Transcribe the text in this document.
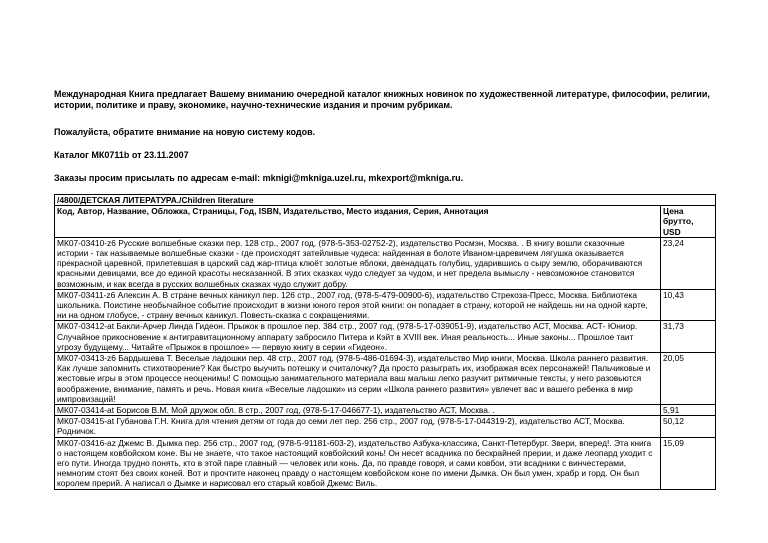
Международная Книга предлагает Вашему вниманию очередной каталог книжных новинок по художественной литературе, философии, религии, истории, политике и праву, экономике, научно-технические издания и прочим рубрикам.

Пожалуйста, обратите внимание на новую систему кодов.

Каталог МК0711b от 23.11.2007

Заказы просим присылать по адресам e-mail: mknigi@mkniga.uzel.ru, mkexport@mkniga.ru.

/4800/ДЕТСКАЯ ЛИТЕРАТУРА./Children literature	
Код, Автор, Название, Обложка, Страницы, Год, ISBN, Издательство, Место издания, Серия, Аннотация	Цена брутто, USD
МК07-03410-z6 Русские волшебные сказки пер. 128 стр., 2007 год, (978-5-353-02752-2), издательство Росмэн, Москва. . В книгу вошли сказочные истории - так называемые волшебные сказки - где происходят затейливые чудеса: найденная в болоте Иваном-царевичем лягушка оказывается прекрасной царевной, прилетевшая в царский сад жар-птица клюёт золотые яблоки, двенадцать голубиц, ударившись о сыру землю, оборачиваются красными девицами, все до единой красоты несказанной. В этих сказках чудо следует за чудом, и нет предела вымыслу - невозможное становится возможным, и как всегда в русских волшебных сказках чудо служит добру.	23,24
МК07-03411-z6 Алексин А. В стране вечных каникул пер. 126 стр., 2007 год, (978-5-479-00900-6), издательство Стрекоза-Пресс, Москва. Библиотека школьника. Поистине необычайное событие происходит в жизни юного героя этой книги: он попадает в страну, которой не найдешь ни на одной карте, ни на одном глобусе, - страну вечных каникул. Повесть-сказка с сокращениями.	10,43
МК07-03412-at Бакли-Арчер Линда Гидеон. Прыжок в прошлое пер. 384 стр., 2007 год, (978-5-17-039051-9), издательство АСТ, Москва. АСТ- Юниор. Случайное прикосновение к антигравитационному аппарату забросило Питера и Кэйт в XVIII век. Иная реальность... Иные законы... Прошлое таит угрозу будущему... Читайте «Прыжок в прошлое» — первую книгу в серии «Гидеон».	31,73
МК07-03413-z6 Бардышева Т. Веселые ладошки пер. 48 стр., 2007 год, (978-5-486-01694-3), издательство Мир книги, Москва. Школа раннего развития. Как лучше запомнить стихотворение? Как быстро выучить потешку и считалочку? Да просто разыграть их, изображая всех персонажей! Пальчиковые и жестовые игры в этом процессе неоценимы! С помощью занимательного материала ваш малыш легко разучит ритмичные тексты, у него разовьются воображение, внимание, память и речь. Новая книга «Веселые ладошки» из серии «Школа раннего развития» увлечет вас и вашего ребенка в мир импровизаций!	20,05
МК07-03414-at Борисов В.М. Мой дружок обл. 8 стр., 2007 год, (978-5-17-046677-1), издательство АСТ, Москва. .	5,91
МК07-03415-at Губанова Г.Н. Книга для чтения детям от года до семи лет пер. 256 стр., 2007 год, (978-5-17-044319-2), издательство АСТ, Москва. Родничок.	50,12
МК07-03416-az Джемс В. Дымка пер. 256 стр., 2007 год, (978-5-91181-603-2), издательство Азбука-классика, Санкт-Петербург. Звери, вперед!. Эта книга о настоящем ковбойском коне. Вы не знаете, что такое настоящий ковбойский конь! Он несет всадника по бескрайней прерии, и даже леопард уходит с его пути. Иногда трудно понять, кто в этой паре главный — человек или конь. Да, по правде говоря, и сами ковбои, эти всадники с винчестерами, немногим стоят без своих коней. Вот и прочтите наконец правду о настоящем ковбойском коне по имени Дымка. Он был умен, храбр и горд. Он был королем прерий. А написал о Дымке и нарисовал его старый ковбой Джемс Виль.	15,09
